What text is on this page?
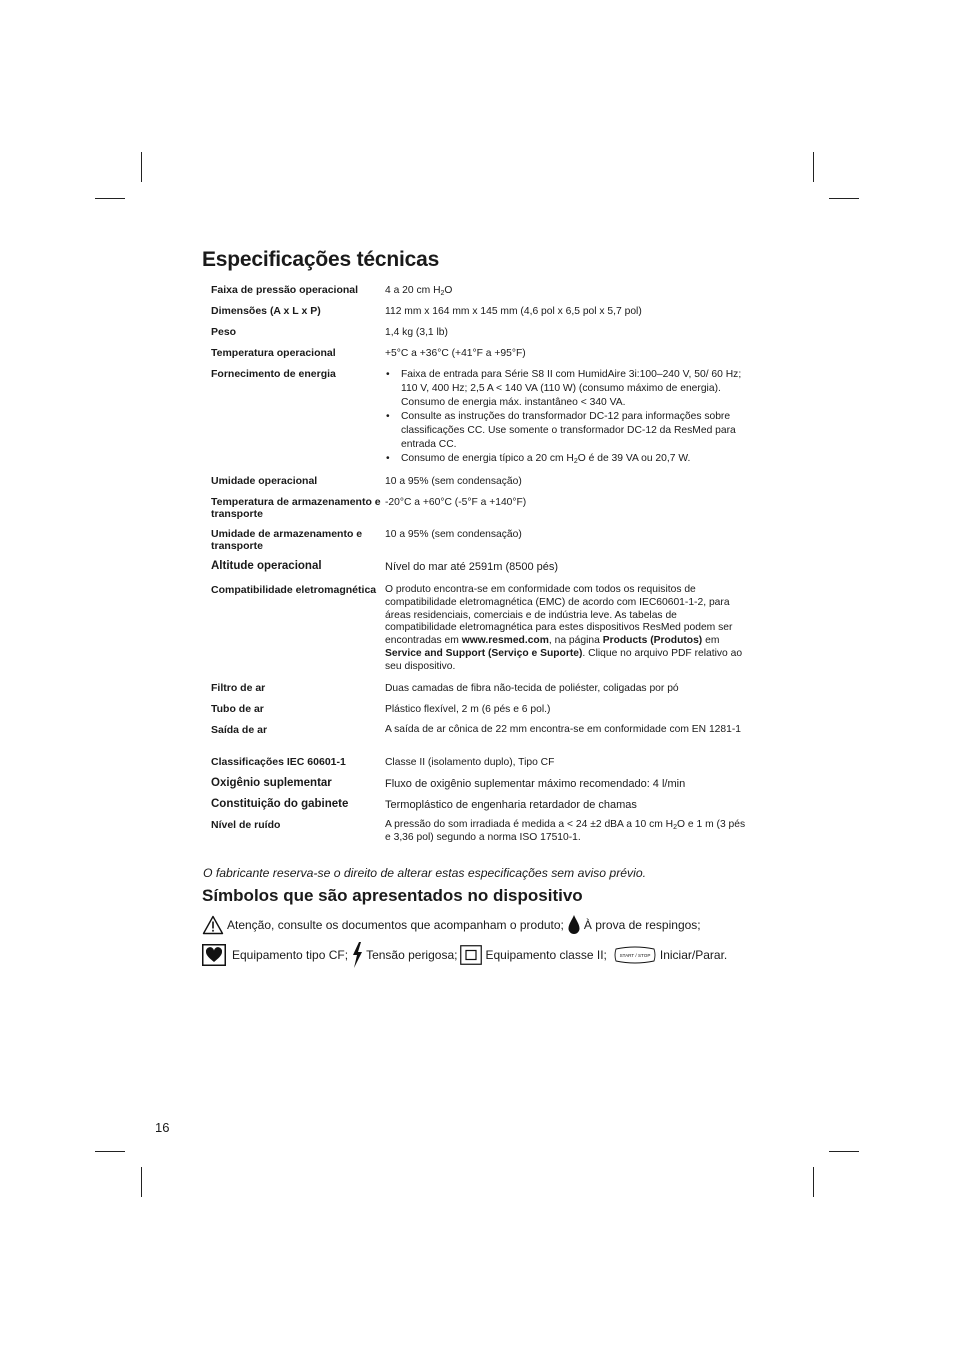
Especificações técnicas
Faixa de pressão operacional	4 a 20 cm $H_2O$
Dimensões (A x L x P)	112 mm x 164 mm x 145 mm (4,6 pol x 6,5 pol x 5,7 pol)
Peso	1,4 kg (3,1 lb)
Temperatura operacional	+5°C a +36°C (+41°F a +95°F)
Fornecimento de energia
•	Faixa de entrada para Série S8 II com HumidAire 3i:100–240 V, 50/ 60 Hz; 110 V, 400 Hz; 2,5 A < 140 VA (110 W) (consumo máximo de energia). Consumo de energia máx. instantâneo < 340 VA.
• Consulte as instruções do transformador DC-12 para informações sobre classificações CC. Use somente o transformador DC-12 da ResMed para entrada CC.
• Consumo de energia típico a 20 cm $H_2O$ é de 39 VA ou 20,7 W.
Umidade operacional	10 a 95% (sem condensação)
Temperatura de armazenamento e transporte
-20°C a +60°C (-5°F a +140°F)
Umidade de armazenamento e transporte
10 a 95% (sem condensação)
Altitude operacional	Nível do mar até 2591m (8500 pés)
Compatibilidade eletromagnética O produto encontra-se em conformidade com todos os requisitos de compatibilidade eletromagnética (EMC) de acordo com IEC60601-1-2, para áreas residenciais, comerciais e de indústria leve. As tabelas de compatibilidade eletromagnética para estes dispositivos ResMed podem ser encontradas em www.resmed.com, na página Products (Produtos) em Service and Support (Serviço e Suporte). Clique no arquivo PDF relativo ao seu dispositivo.
Filtro de ar	Duas camadas de fibra não-tecida de poliéster, coligadas por pó
Tubo de ar	Plástico flexível, 2 m (6 pés e 6 pol.)
Saída de ar	A saída de ar cônica de 22 mm encontra-se em conformidade com EN 1281-1
Classificações IEC 60601-1	Classe II (isolamento duplo), Tipo CF
Oxigênio suplementar	Fluxo de oxigênio suplementar máximo recomendado: 4 l/min
Constituição do gabinete	Termoplástico de engenharia retardador de chamas
Nível de ruído	A pressão do som irradiada é medida a < 24 ±2 dBA a 10 cm $H_2O$ e 1 m (3 pés e 3,36 pol) segundo a norma ISO 17510-1.

O fabricante reserva-se o direito de alterar estas especificações sem aviso prévio.

Símbolos que são apresentados no dispositivo
Atenção, consulte os documentos que acompanham o produto; À prova de respingos;
Equipamento tipo CF; Tensão perigosa; Equipamento classe II;	START / STOP Iniciar/Parar.

16
